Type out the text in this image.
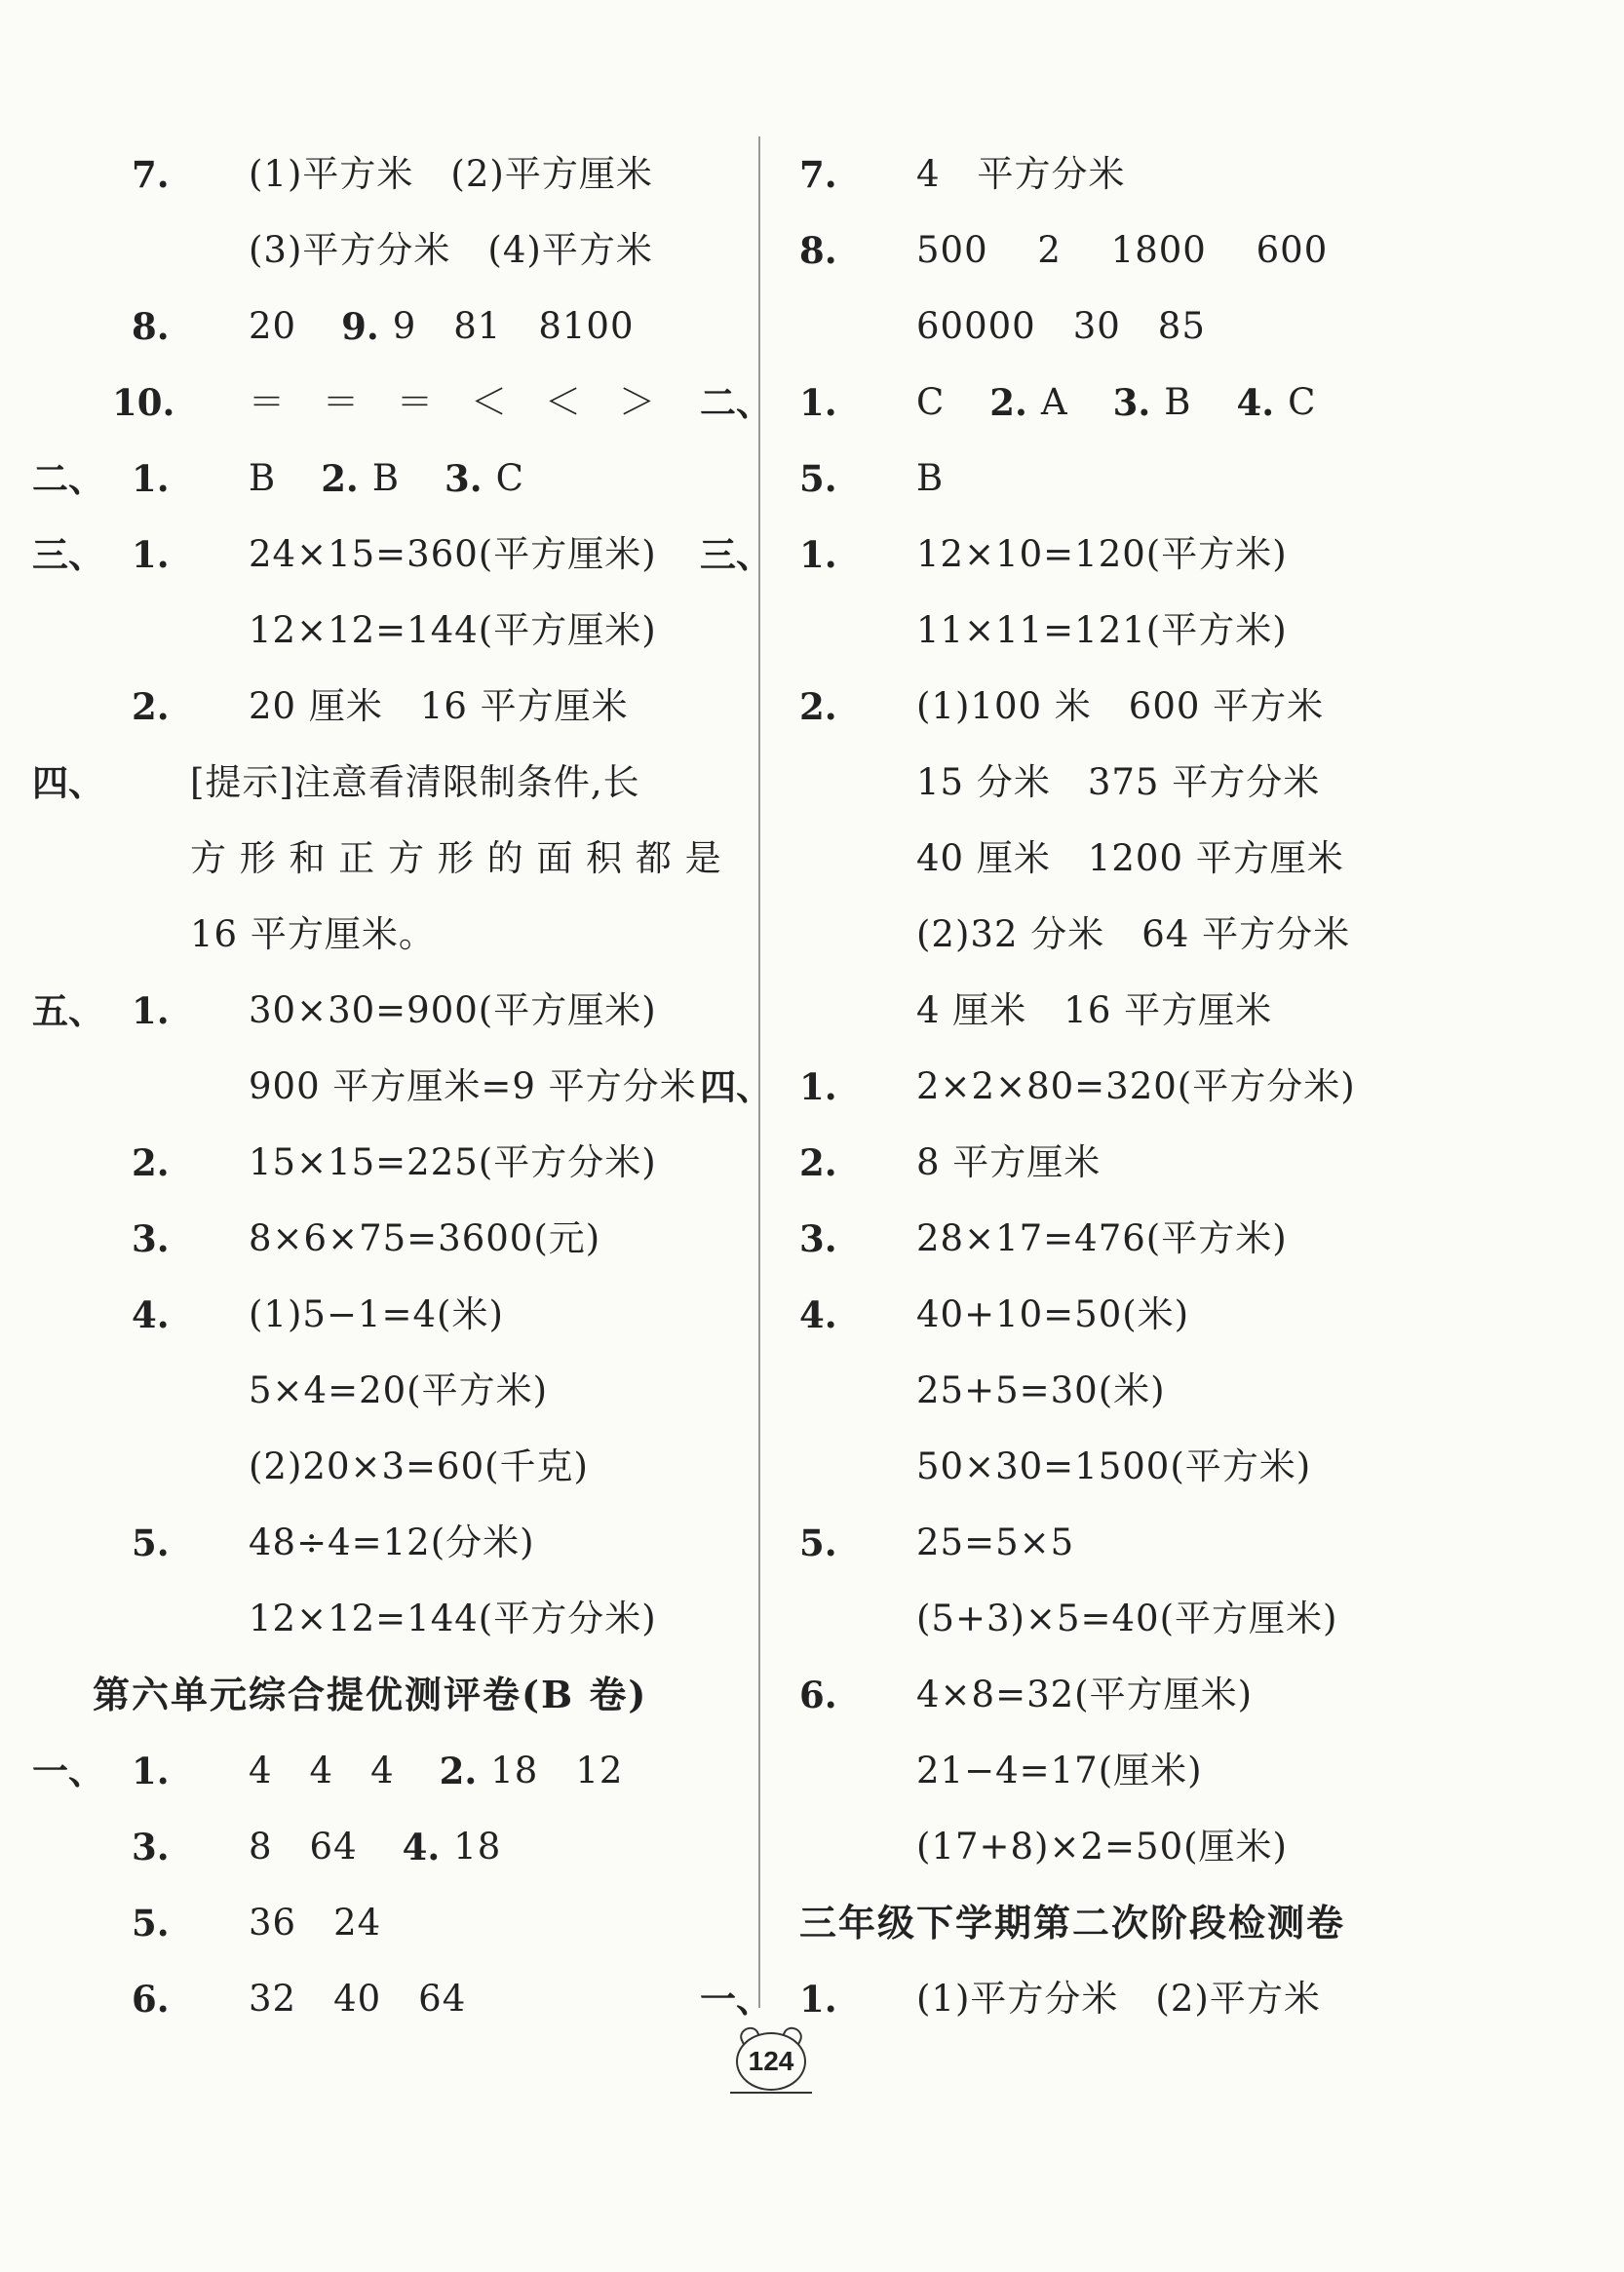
7. (1)平方米　(2)平方厘米
(3)平方分米　(4)平方米
8. 20　 9. 9　81　8100
10. ＝　＝　＝　＜　＜　＞
二、 1. B　 2. B　 3. C
三、 1. 24×15=360(平方厘米)
12×12=144(平方厘米)
2. 20 厘米　16 平方厘米
四、 [提示]注意看清限制条件,长
方 形 和 正 方 形 的 面 积 都 是
16 平方厘米。
五、 1. 30×30=900(平方厘米)
900 平方厘米=9 平方分米
2. 15×15=225(平方分米)
3. 8×6×75=3600(元)
4. (1)5−1=4(米)
5×4=20(平方米)
(2)20×3=60(千克)
5. 48÷4=12(分米)
12×12=144(平方分米)
第六单元综合提优测评卷(B 卷)
一、 1. 4　4　4　 2. 18　12
3. 8　64　 4. 18
5. 36　24
6. 32　40　64
7. 4　平方分米
8. 500　 2　 1800　 600
60000　30　85
二、 1. C　 2. A　 3. B　 4. C
5. B
三、 1. 12×10=120(平方米)
11×11=121(平方米)
2. (1)100 米　600 平方米
15 分米　375 平方分米
40 厘米　1200 平方厘米
(2)32 分米　64 平方分米
4 厘米　16 平方厘米
四、 1. 2×2×80=320(平方分米)
2. 8 平方厘米
3. 28×17=476(平方米)
4. 40+10=50(米)
25+5=30(米)
50×30=1500(平方米)
5. 25=5×5
(5+3)×5=40(平方厘米)
6. 4×8=32(平方厘米)
21−4=17(厘米)
(17+8)×2=50(厘米)
三年级下学期第二次阶段检测卷
一、 1. (1)平方分米　(2)平方米
124
